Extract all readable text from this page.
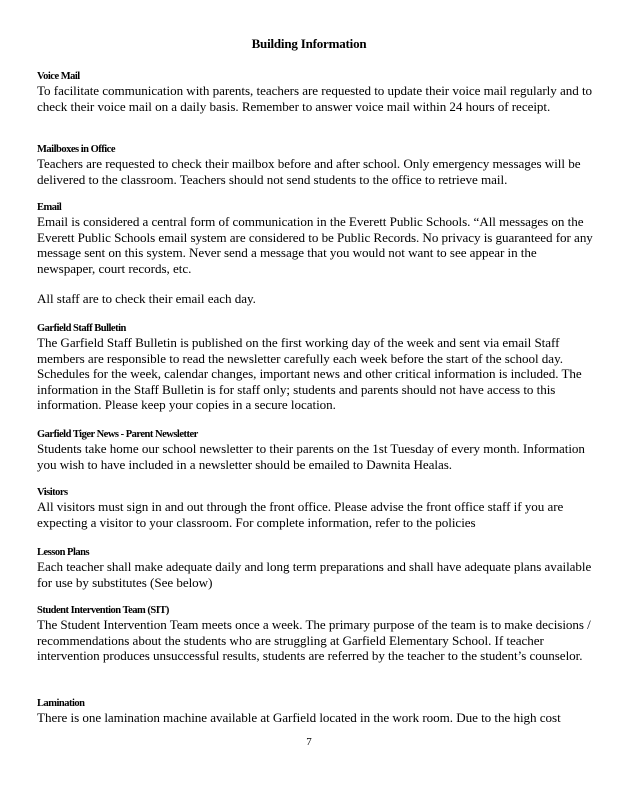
Building Information

Voice Mail

To facilitate communication with parents, teachers are requested to update their voice mail regularly and to check their voice mail on a daily basis. Remember to answer voice mail within 24 hours of receipt.

Mailboxes in Office

Teachers are requested to check their mailbox before and after school. Only emergency messages will be delivered to the classroom. Teachers should not send students to the office to retrieve mail.

Email

Email is considered a central form of communication in the Everett Public Schools. “All messages on the Everett Public Schools email system are considered to be Public Records. No privacy is guaranteed for any message sent on this system. Never send a message that you would not want to see appear in the newspaper, court records, etc.

All staff are to check their email each day.

Garfield Staff Bulletin

The Garfield Staff Bulletin is published on the first working day of the week and sent via email Staff members are responsible to read the newsletter carefully each week before the start of the school day. Schedules for the week, calendar changes, important news and other critical information is included. The information in the Staff Bulletin is for staff only; students and parents should not have access to this information. Please keep your copies in a secure location.

Garfield Tiger News - Parent Newsletter

Students take home our school newsletter to their parents on the 1st Tuesday of every month. Information you wish to have included in a newsletter should be emailed to Dawnita Healas.

Visitors

All visitors must sign in and out through the front office. Please advise the front office staff if you are expecting a visitor to your classroom. For complete information, refer to the policies

Lesson Plans

Each teacher shall make adequate daily and long term preparations and shall have adequate plans available for use by substitutes (See below)

Student Intervention Team (SIT)

The Student Intervention Team meets once a week. The primary purpose of the team is to make decisions / recommendations about the students who are struggling at Garfield Elementary School. If teacher intervention produces unsuccessful results, students are referred by the teacher to the student’s counselor.

Lamination

There is one lamination machine available at Garfield located in the work room. Due to the high cost

7
